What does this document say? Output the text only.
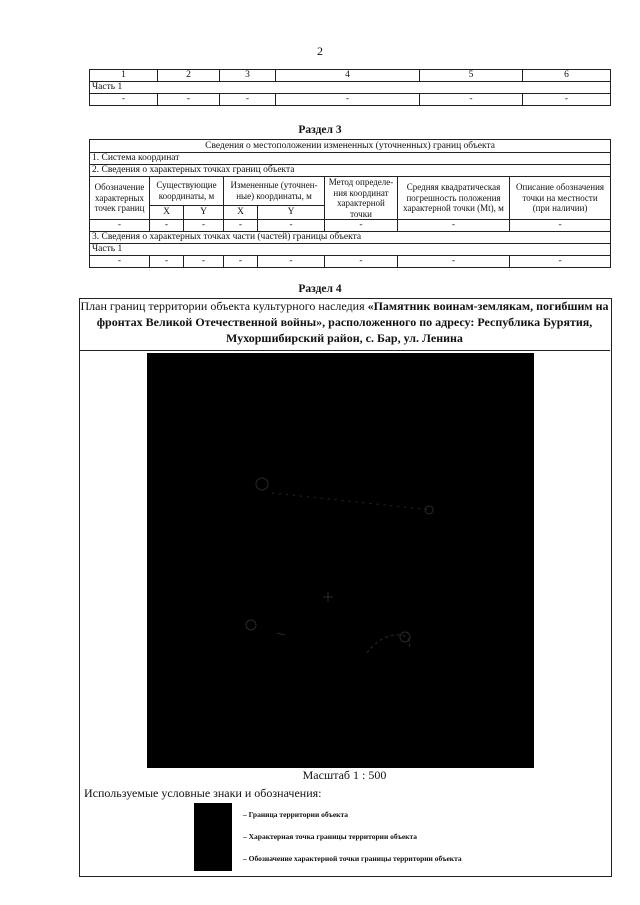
2
1	2	3	4	5	6
Часть 1					
-	-	-	-	-	-
Раздел 3
Сведения о местоположении измененных (уточненных) границ объекта							
1. Система координат							
2. Сведения о характерных точках границ объекта							
Обозначение
характерных
точек границ	Существующие
координаты, м		Измененные (уточнен-
ные) координаты, м		Метод определе-
ния координат
характерной точки	Средняя квадратическая
погрешность положения
характерной точки (Mt), м	Описание обозначения
точки на местности
(при наличии)
	X	Y	X	Y			
-	-	-	-	-	-	-	-
3. Сведения о характерных точках части (частей) границы объекта							
Часть 1							
-	-	-	-	-	-	-	-
Раздел 4
План границ территории объекта культурного наследия «Памятник воинам-землякам, погибшим на фронтах Великой Отечественной войны», расположенного по адресу: Республика Бурятия, Мухоршибирский район, с. Бар, ул. Ленина
Масштаб 1 : 500
Используемые условные знаки и обозначения:
– Граница территории объекта
– Характерная точка границы территории объекта
– Обозначение характерной точки границы территории объекта
